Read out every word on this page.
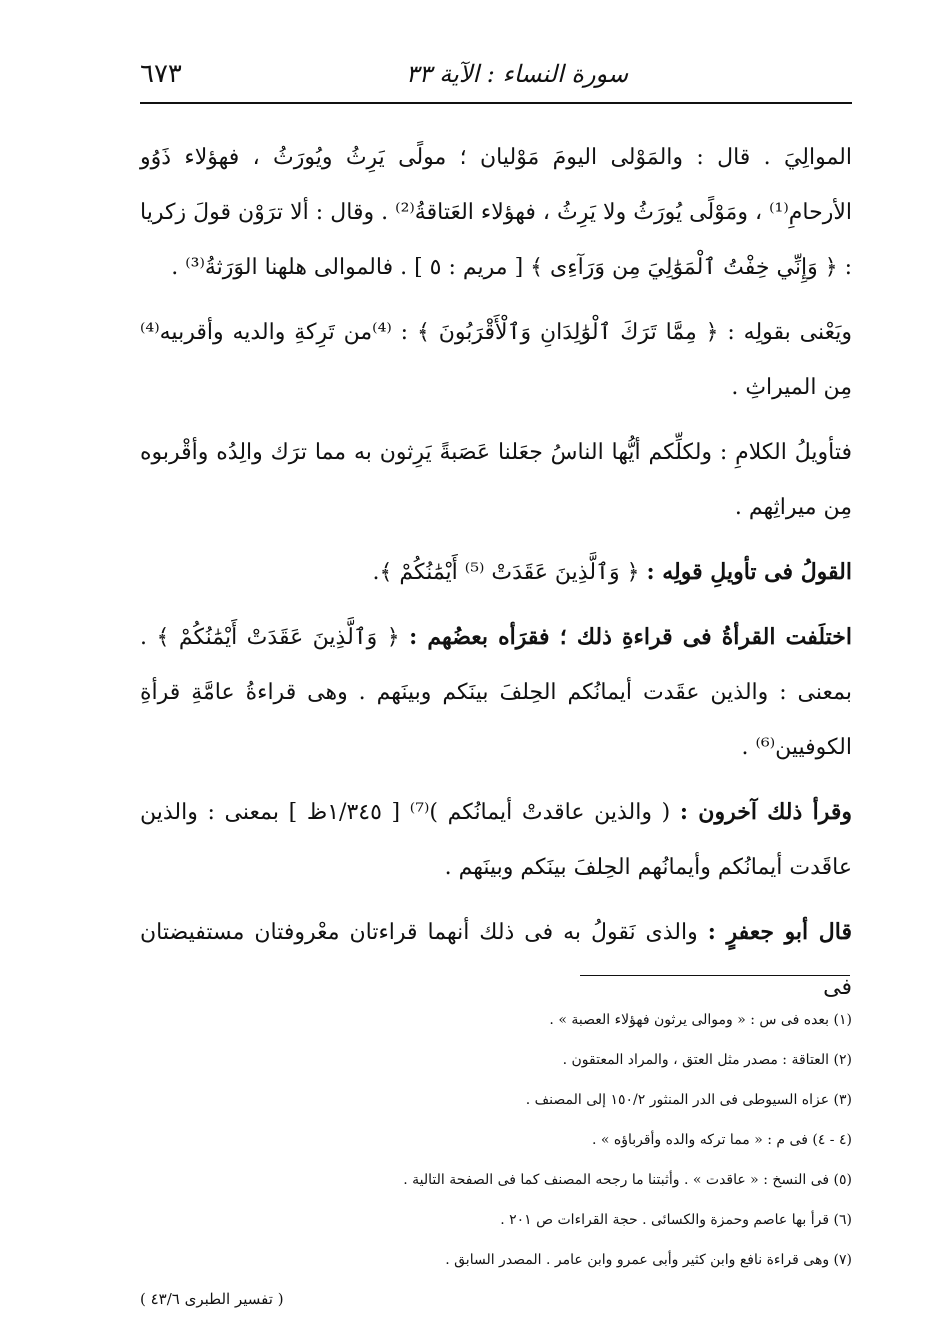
سورة النساء : الآية ٣٣
٦٧٣

الموالِيَ . قال : والمَوْلى اليومَ مَوْليان ؛ مولًى يَرِثُ ويُورَثُ ، فهؤلاء ذَوُو الأرحامِ⁽¹⁾ ، ومَوْلًى يُورَثُ ولا يَرِثُ ، فهؤلاء العَتاقةُ⁽²⁾ . وقال : ألا ترَوْن قولَ زكريا : ﴿ وَإِنِّي خِفْتُ ٱلْمَوَٰلِيَ مِن وَرَآءِى ﴾ [ مريم : ٥ ] . فالموالى هلهنا الوَرَثةُ⁽³⁾ .

ويَعْنى بقولِه : ﴿ مِمَّا تَرَكَ ٱلْوَٰلِدَانِ وَٱلْأَقْرَبُونَ ﴾ : ⁽⁴⁾من تَرِكةِ والديه وأقربيه⁽⁴⁾ مِن الميراثِ .

فتأويلُ الكلامِ : ولكلِّكم أيُّها الناسُ جعَلنا عَصَبةً يَرِثون به مما ترَك والِدُه وأقْربوه مِن ميراثِهم .

القولُ فى تأويلِ قولِه : ﴿ وَٱلَّذِينَ عَقَدَتْ ⁽⁵⁾ أَيْمَٰنُكُمْ ﴾.

اختلَفت القرأةُ فى قراءةِ ذلك ؛ فقرَأه بعضُهم : ﴿ وَٱلَّذِينَ عَقَدَتْ أَيْمَٰنُكُمْ ﴾ . بمعنى : والذين عقَدت أيمانُكم الحِلفَ بينَكم وبينَهم . وهى قراءةُ عامَّةِ قرأةِ الكوفيين⁽⁶⁾ .

وقرأ ذلك آخرون : ( والذين عاقدتْ أيمانُكم )⁽⁷⁾ [ ١/٣٤٥ظ ] بمعنى : والذين عاقَدت أيمانُكم وأيمانُهم الحِلفَ بينَكم وبينَهم .

قال أبو جعفرٍ : والذى نَقولُ به فى ذلك أنهما قراءتان معْروفتان مستفيضتان فى

(١) بعده فى س : « وموالى يرثون فهؤلاء العصبة » .
(٢) العتاقة : مصدر مثل العتق ، والمراد المعتقون .
(٣) عزاه السيوطى فى الدر المنثور ١٥٠/٢ إلى المصنف .
(٤ - ٤) فى م : « مما تركه والده وأقرباؤه » .
(٥) فى النسخ : « عاقدت » . وأثبتنا ما رجحه المصنف كما فى الصفحة التالية .
(٦) قرأ بها عاصم وحمزة والكسائى . حجة القراءات ص ٢٠١ .
(٧) وهى قراءة نافع وابن كثير وأبى عمرو وابن عامر . المصدر السابق .
( تفسير الطبرى ٤٣/٦ )
